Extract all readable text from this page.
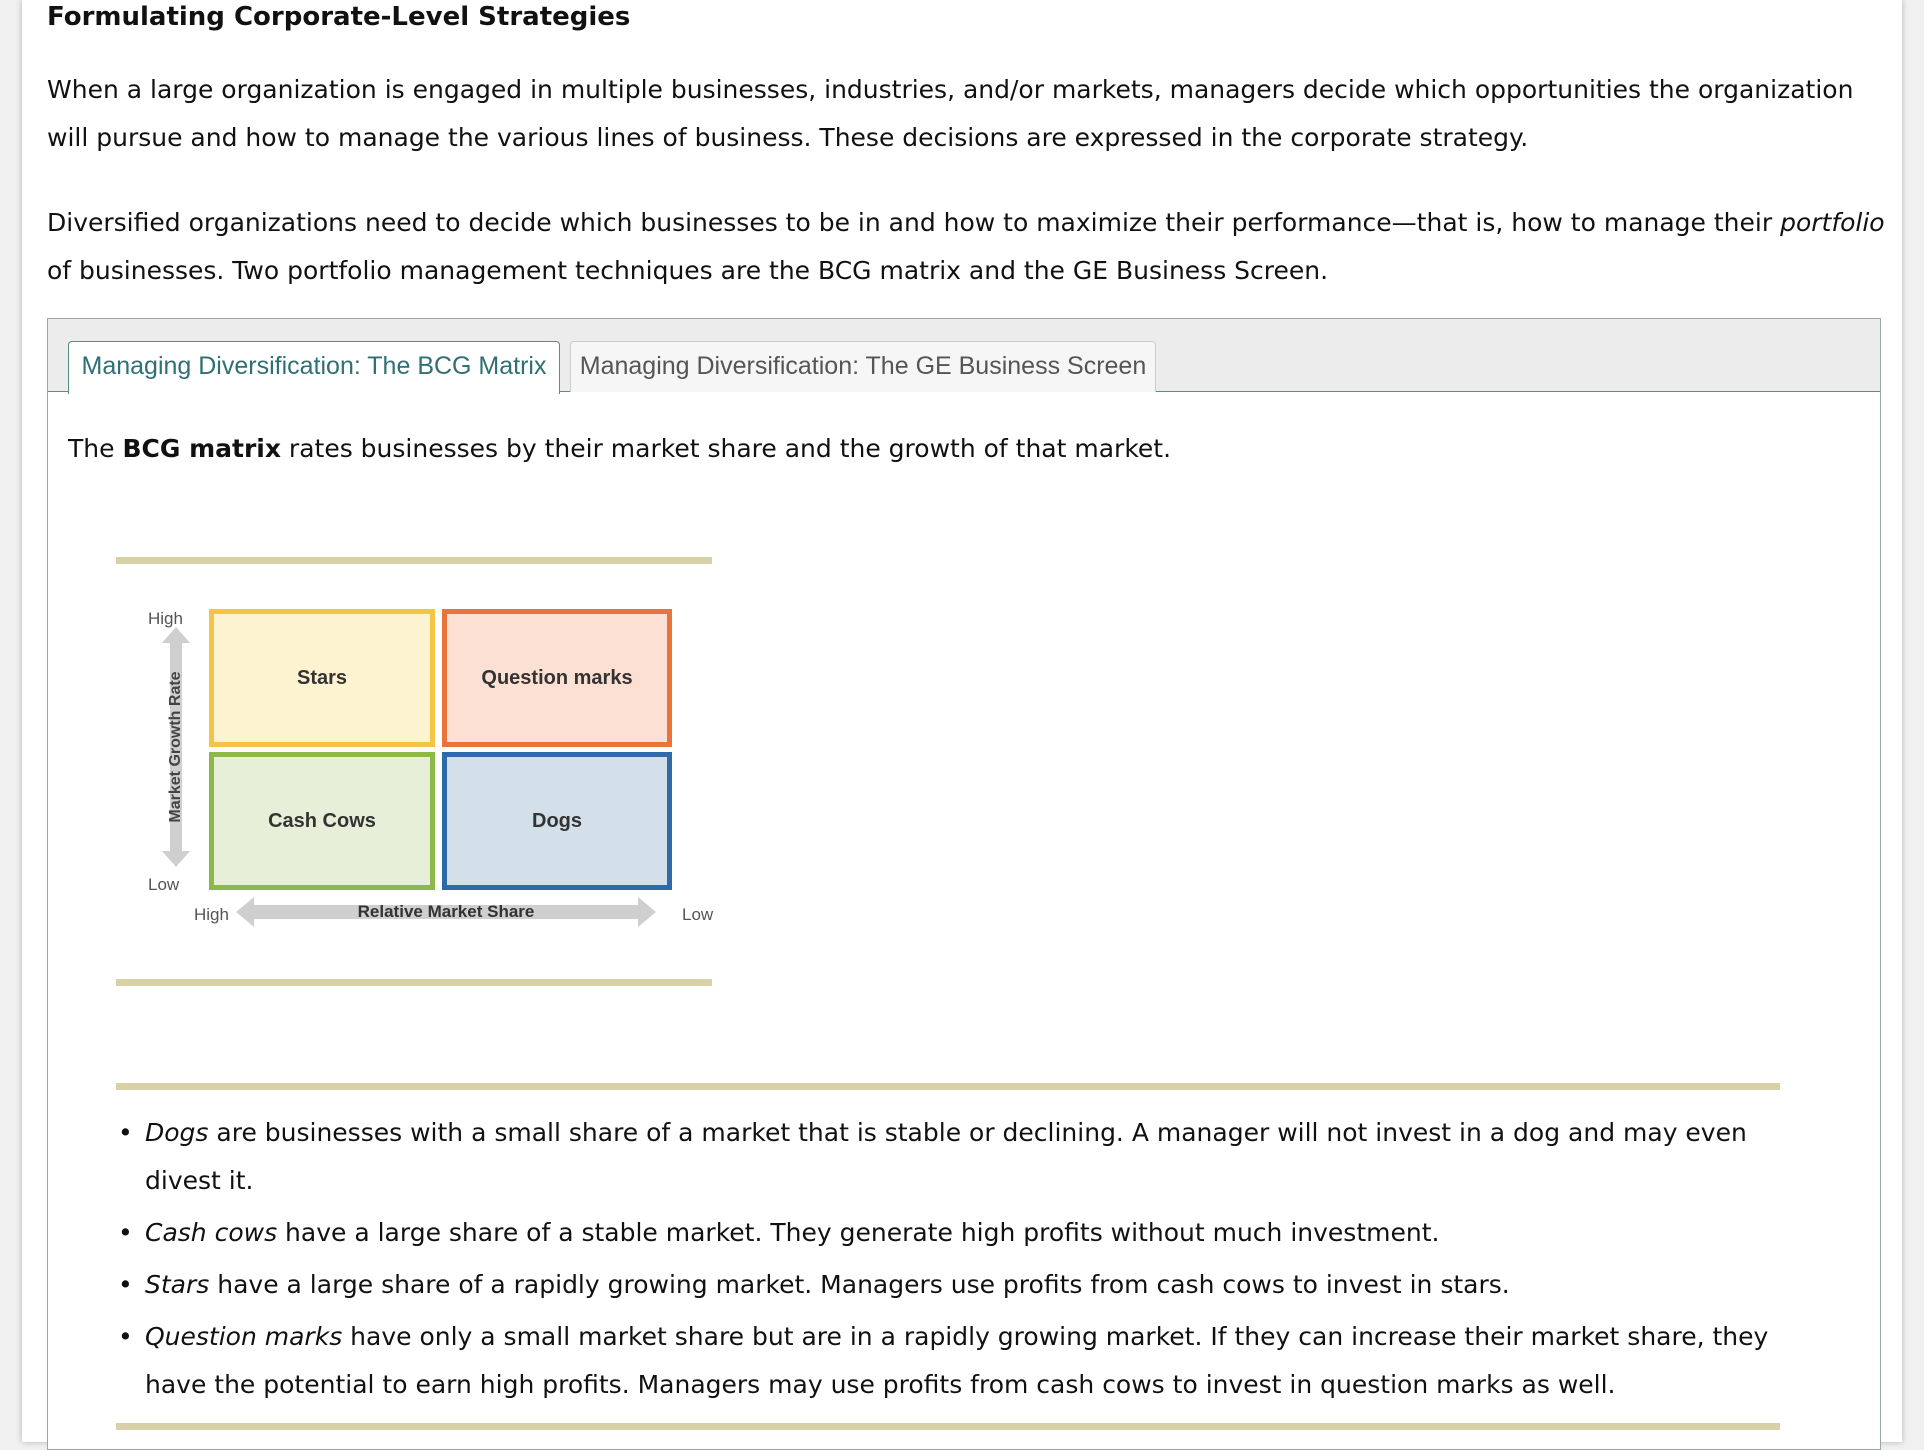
Formulating Corporate-Level Strategies

When a large organization is engaged in multiple businesses, industries, and/or markets, managers decide which opportunities the organization will pursue and how to manage the various lines of business. These decisions are expressed in the corporate strategy.

Diversified organizations need to decide which businesses to be in and how to maximize their performance—that is, how to manage their portfolio of businesses. Two portfolio management techniques are the BCG matrix and the GE Business Screen.

Managing Diversification: The BCG Matrix	Managing Diversification: The GE Business Screen

The BCG matrix rates businesses by their market share and the growth of that market.

High
Low
Market Growth Rate	Stars	Question marks
Cash Cows	Dogs
High	Relative Market Share	Low
• Dogs are businesses with a small share of a market that is stable or declining. A manager will not invest in a dog and may even divest it.
• Cash cows have a large share of a stable market. They generate high profits without much investment.
• Stars have a large share of a rapidly growing market. Managers use profits from cash cows to invest in stars.
• Question marks have only a small market share but are in a rapidly growing market. If they can increase their market share, they have the potential to earn high profits. Managers may use profits from cash cows to invest in question marks as well.
